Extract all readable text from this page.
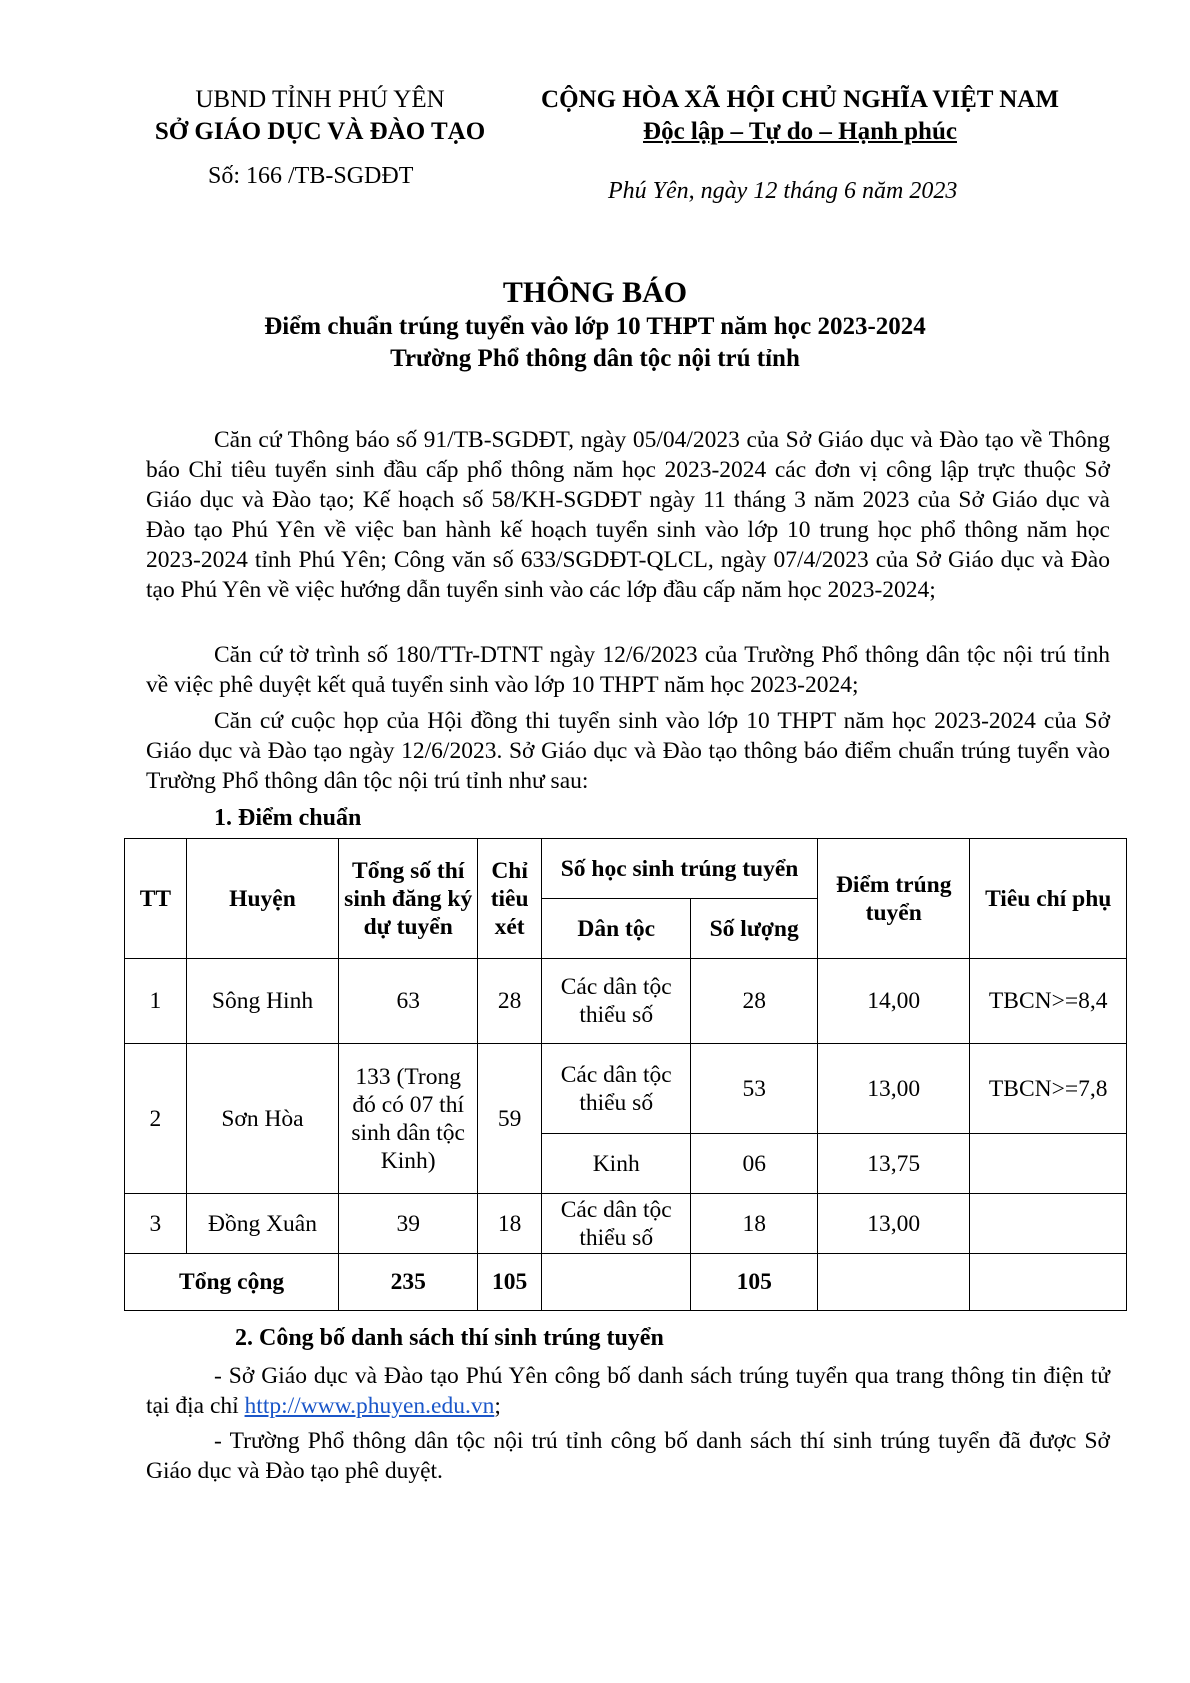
UBND TỈNH PHÚ YÊN
SỞ GIÁO DỤC VÀ ĐÀO TẠO
Số: 166 /TB-SGDĐT
CỘNG HÒA XÃ HỘI CHỦ NGHĨA VIỆT NAM
Độc lập – Tự do – Hạnh phúc
Phú Yên, ngày 12 tháng 6 năm 2023
THÔNG BÁO
Điểm chuẩn trúng tuyển vào lớp 10 THPT năm học 2023-2024
Trường Phổ thông dân tộc nội trú tỉnh

Căn cứ Thông báo số 91/TB-SGDĐT, ngày 05/04/2023 của Sở Giáo dục và Đào tạo về Thông báo Chỉ tiêu tuyển sinh đầu cấp phổ thông năm học 2023-2024 các đơn vị công lập trực thuộc Sở Giáo dục và Đào tạo; Kế hoạch số 58/KH-SGDĐT ngày 11 tháng 3 năm 2023 của Sở Giáo dục và Đào tạo Phú Yên về việc ban hành kế hoạch tuyển sinh vào lớp 10 trung học phổ thông năm học 2023-2024 tỉnh Phú Yên; Công văn số 633/SGDĐT-QLCL, ngày 07/4/2023 của Sở Giáo dục và Đào tạo Phú Yên về việc hướng dẫn tuyển sinh vào các lớp đầu cấp năm học 2023-2024;

Căn cứ tờ trình số 180/TTr-DTNT ngày 12/6/2023 của Trường Phổ thông dân tộc nội trú tỉnh về việc phê duyệt kết quả tuyển sinh vào lớp 10 THPT năm học 2023-2024;

Căn cứ cuộc họp của Hội đồng thi tuyển sinh vào lớp 10 THPT năm học 2023-2024 của Sở Giáo dục và Đào tạo ngày 12/6/2023. Sở Giáo dục và Đào tạo thông báo điểm chuẩn trúng tuyển vào Trường Phổ thông dân tộc nội trú tỉnh như sau:

1. Điểm chuẩn
TT	Huyện	Tổng số thí sinh đăng ký dự tuyển	Chỉ tiêu xét	Số học sinh trúng tuyển		Điểm trúng tuyển	Tiêu chí phụ
				Dân tộc	Số lượng		
1	Sông Hinh	63	28	Các dân tộc thiểu số	28	14,00	TBCN>=8,4
2	Sơn Hòa	133 (Trong đó có 07 thí sinh dân tộc Kinh)	59	Các dân tộc thiểu số	53	13,00	TBCN>=7,8
				Kinh	06	13,75	
3	Đồng Xuân	39	18	Các dân tộc thiểu số	18	13,00	
Tổng cộng		235	105		105		
2. Công bố danh sách thí sinh trúng tuyển

- Sở Giáo dục và Đào tạo Phú Yên công bố danh sách trúng tuyển qua trang thông tin điện tử tại địa chỉ http://www.phuyen.edu.vn;

- Trường Phổ thông dân tộc nội trú tỉnh công bố danh sách thí sinh trúng tuyển đã được Sở Giáo dục và Đào tạo phê duyệt.
